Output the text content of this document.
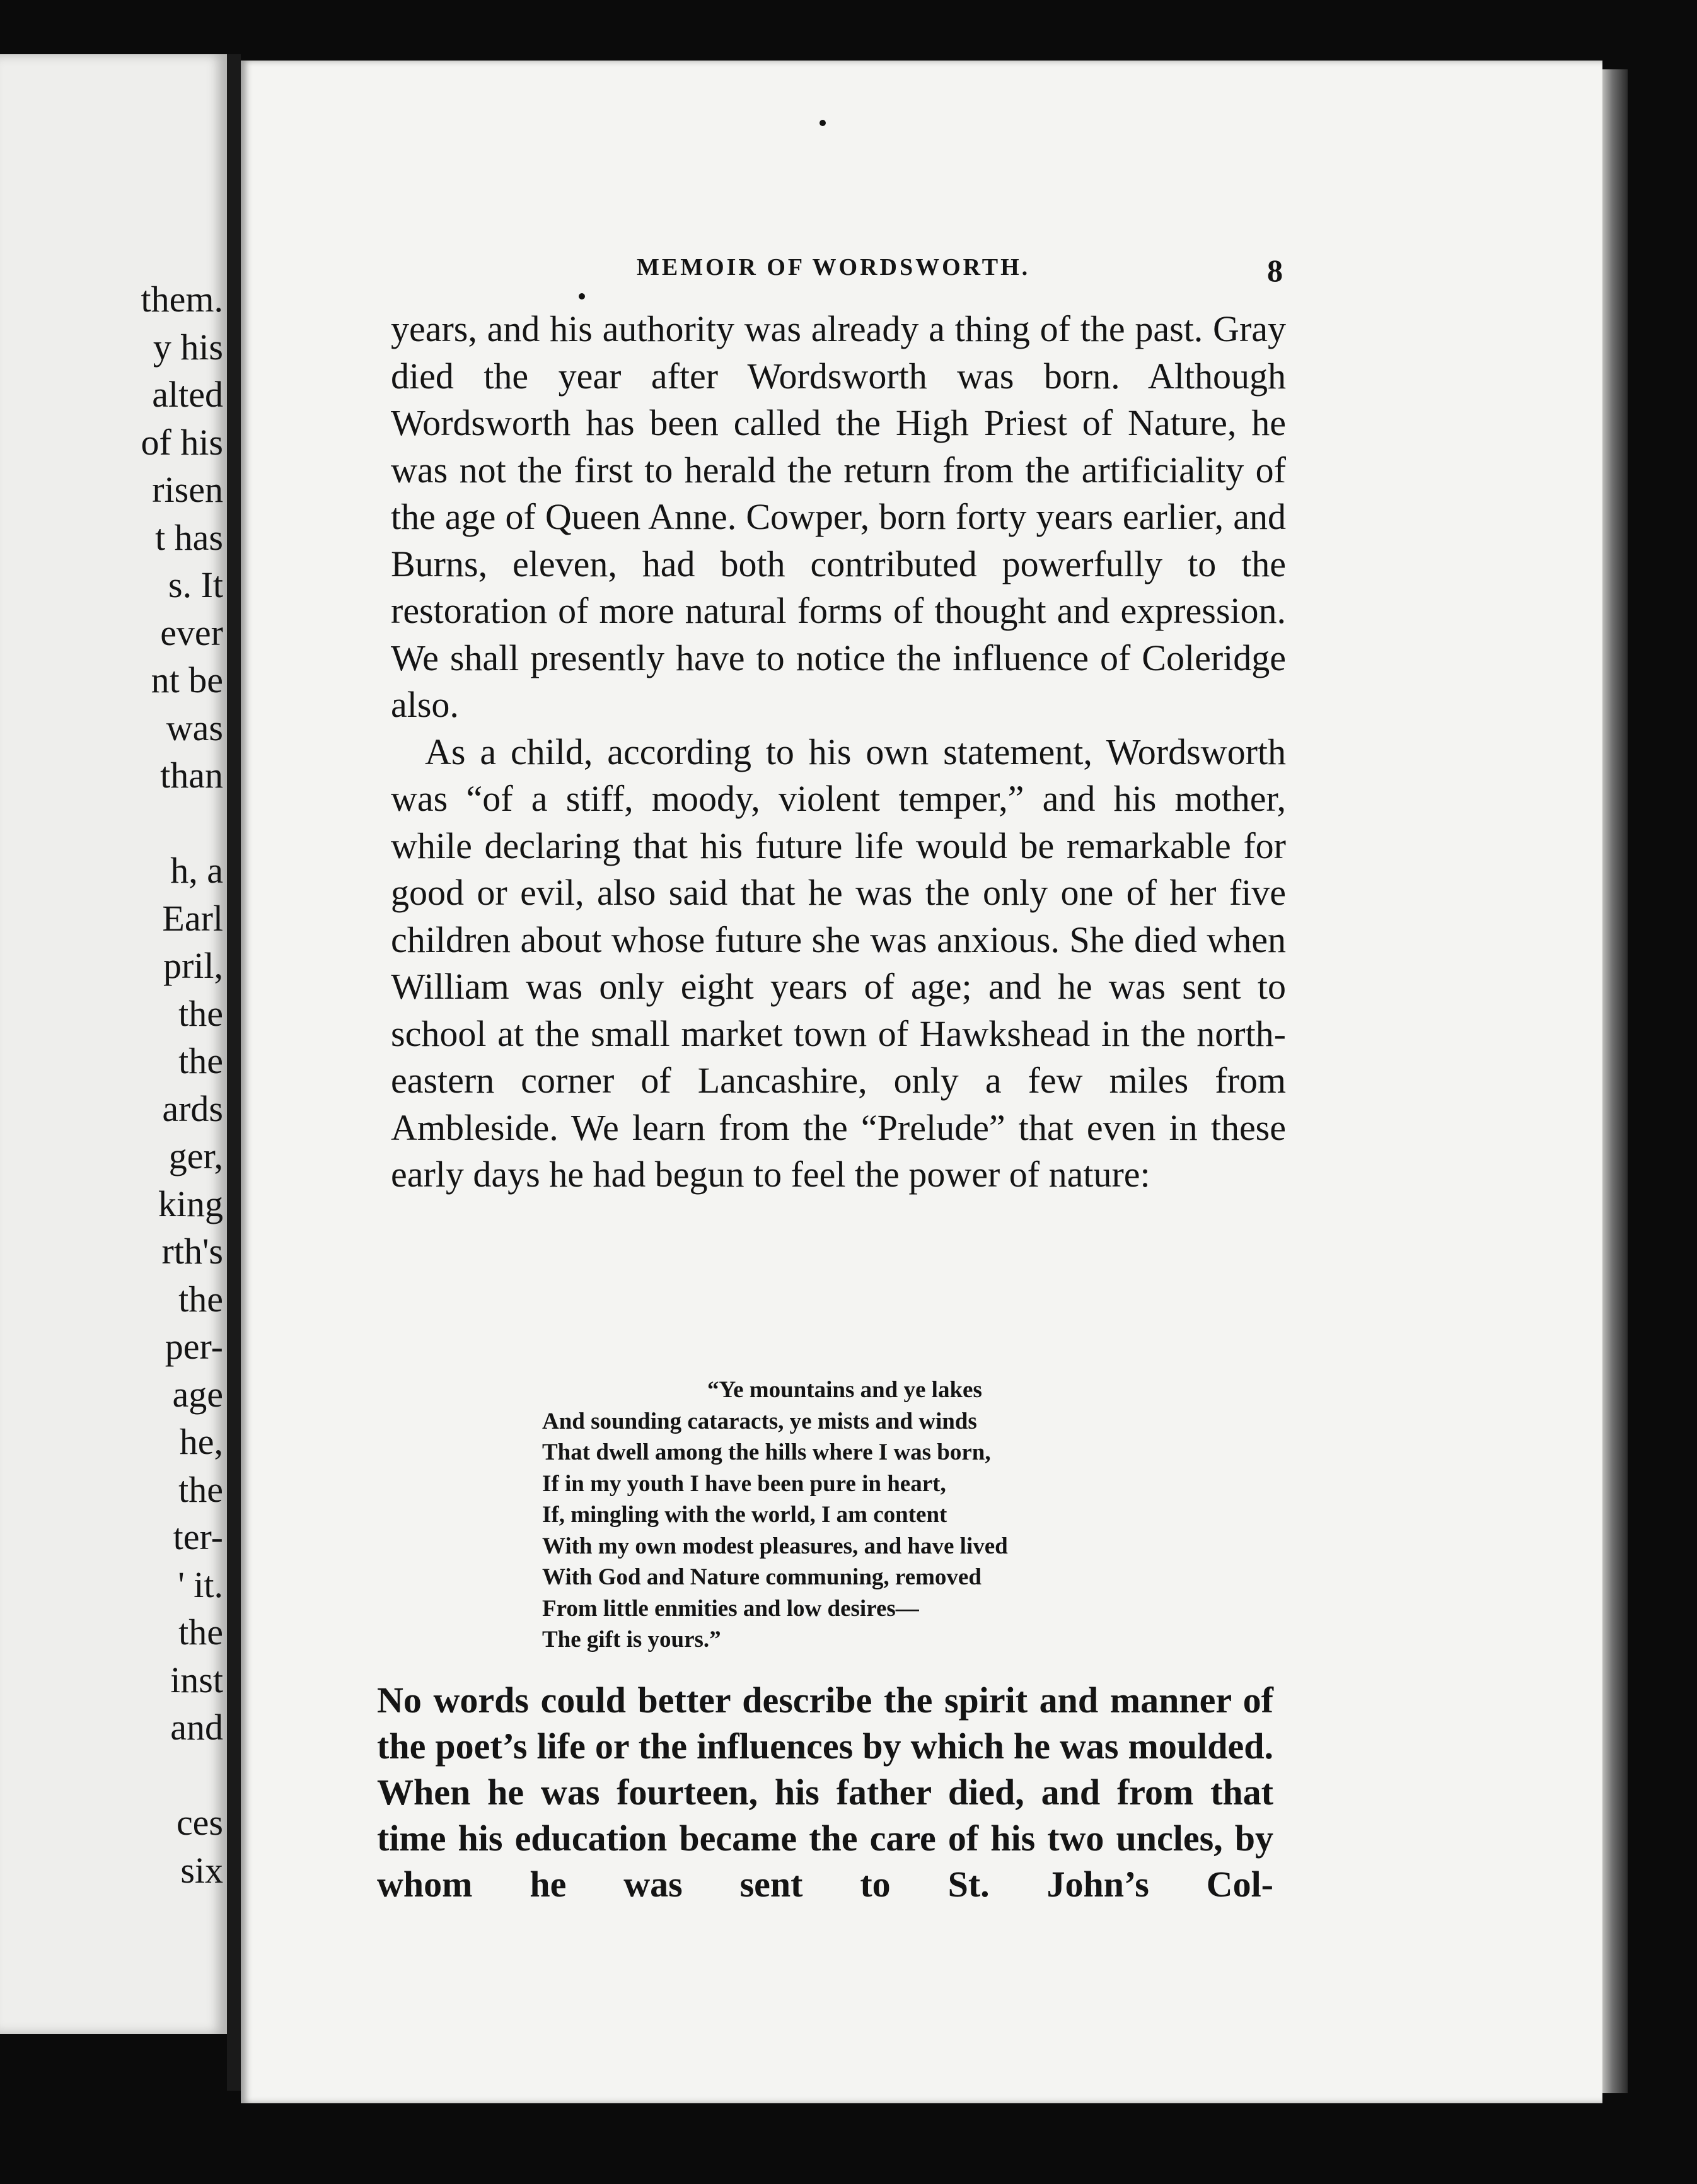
them.
y his
alted
of his
risen
t has
s. It
ever
nt be
was
than
h, a
Earl
pril,
the
the
ards
ger,
king
rth's
the
per-
age
he,
the
ter-
' it.
the
inst
and
ces
six
MEMOIR OF WORDSWORTH.	8

years, and his authority was already a thing of the past. Gray died the year after Wordsworth was born. Although Wordsworth has been called the High Priest of Nature, he was not the first to herald the return from the artificiality of the age of Queen Anne. Cowper, born forty years earlier, and Burns, eleven, had both contributed powerfully to the restoration of more natural forms of thought and expression. We shall presently have to notice the influence of Coleridge also.

As a child, according to his own statement, Wordsworth was “of a stiff, moody, violent temper,” and his mother, while declaring that his future life would be remarkable for good or evil, also said that he was the only one of her five children about whose future she was anxious. She died when William was only eight years of age; and he was sent to school at the small market town of Hawkshead in the north-eastern corner of Lancashire, only a few miles from Ambleside. We learn from the “Prelude” that even in these early days he had begun to feel the power of nature:

“Ye mountains and ye lakes
And sounding cataracts, ye mists and winds
That dwell among the hills where I was born,
If in my youth I have been pure in heart,
If, mingling with the world, I am content
With my own modest pleasures, and have lived
With God and Nature communing, removed
From little enmities and low desires—
The gift is yours.”

No words could better describe the spirit and manner of the poet’s life or the influences by which he was moulded. When he was fourteen, his father died, and from that time his education became the care of his two uncles, by whom he was sent to St. John’s Col-
